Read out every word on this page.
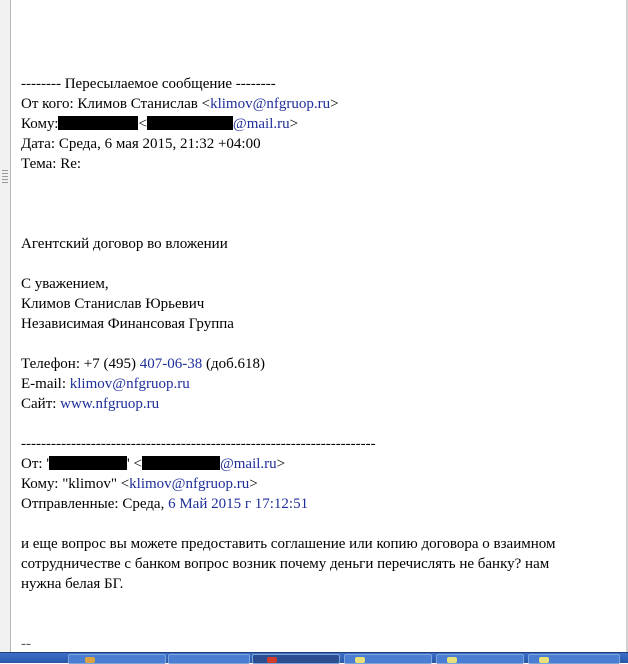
-------- Пересылаемое сообщение --------
От кого: Климов Станислав <klimov@nfgruop.ru>
Кому:	<	@mail.ru>
Дата: Среда, 6 мая 2015, 21:32 +04:00
Тема: Re:
Агентский договор во вложении
С уважением,
Климов Станислав Юрьевич
Независимая Финансовая Группа
Телефон: +7 (495) 407-06-38 (доб.618)
E-mail: klimov@nfgruop.ru
Сайт: www.nfgruop.ru
-----------------------------------------------------------------------
От: '	' <	@mail.ru>
Кому: "klimov" <klimov@nfgruop.ru>
Отправленные: Среда, 6 Май 2015 г 17:12:51
и еще вопрос вы можете предоставить соглашение или копию договора о взаимном
сотрудничестве с банком вопрос возник почему деньги перечислять не банку? нам
нужна белая БГ.
--
